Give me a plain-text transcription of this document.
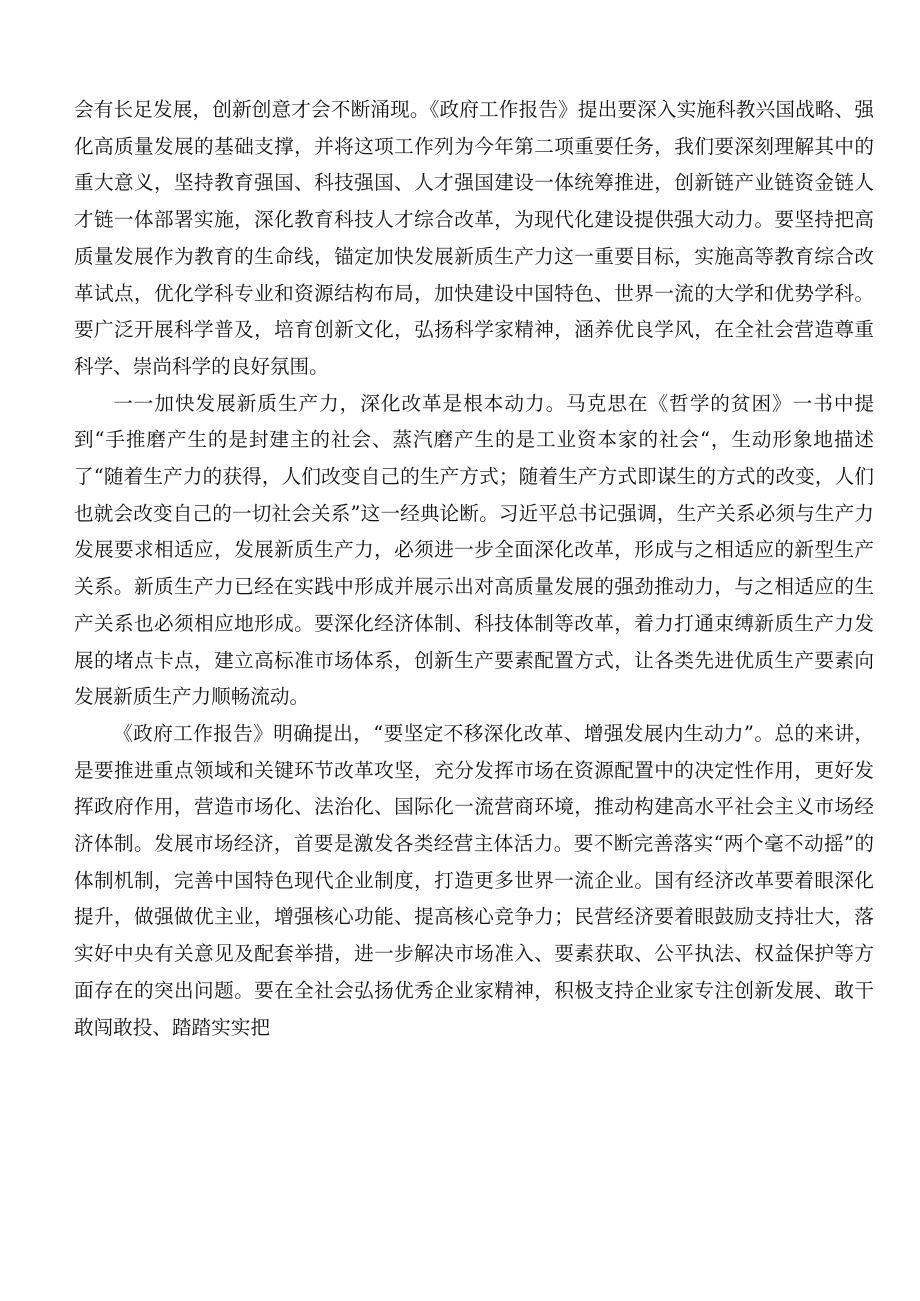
会有长足发展，创新创意才会不断涌现。《政府工作报告》提出要深入实施科教兴国战略、强化高质量发展的基础支撑，并将这项工作列为今年第二项重要任务，我们要深刻理解其中的重大意义，坚持教育强国、科技强国、人才强国建设一体统筹推进，创新链产业链资金链人才链一体部署实施，深化教育科技人才综合改革，为现代化建设提供强大动力。要坚持把高质量发展作为教育的生命线，锚定加快发展新质生产力这一重要目标，实施高等教育综合改革试点，优化学科专业和资源结构布局，加快建设中国特色、世界一流的大学和优势学科。要广泛开展科学普及，培育创新文化，弘扬科学家精神，涵养优良学风，在全社会营造尊重科学、崇尚科学的良好氛围。

一一加快发展新质生产力，深化改革是根本动力。马克思在《哲学的贫困》一书中提到“手推磨产生的是封建主的社会、蒸汽磨产生的是工业资本家的社会“，生动形象地描述了“随着生产力的获得，人们改变自己的生产方式；随着生产方式即谋生的方式的改变，人们也就会改变自己的一切社会关系”这一经典论断。习近平总书记强调，生产关系必须与生产力发展要求相适应，发展新质生产力，必须进一步全面深化改革，形成与之相适应的新型生产关系。新质生产力已经在实践中形成并展示出对高质量发展的强劲推动力，与之相适应的生产关系也必须相应地形成。要深化经济体制、科技体制等改革，着力打通束缚新质生产力发展的堵点卡点，建立高标准市场体系，创新生产要素配置方式，让各类先进优质生产要素向发展新质生产力顺畅流动。

《政府工作报告》明确提出，“要坚定不移深化改革、增强发展内生动力”。总的来讲，是要推进重点领域和关键环节改革攻坚，充分发挥市场在资源配置中的决定性作用，更好发挥政府作用，营造市场化、法治化、国际化一流营商环境，推动构建高水平社会主义市场经济体制。发展市场经济，首要是激发各类经营主体活力。要不断完善落实“两个毫不动摇”的体制机制，完善中国特色现代企业制度，打造更多世界一流企业。国有经济改革要着眼深化提升，做强做优主业，增强核心功能、提高核心竞争力；民营经济要着眼鼓励支持壮大，落实好中央有关意见及配套举措，进一步解决市场准入、要素获取、公平执法、权益保护等方面存在的突出问题。要在全社会弘扬优秀企业家精神，积极支持企业家专注创新发展、敢干敢闯敢投、踏踏实实把
